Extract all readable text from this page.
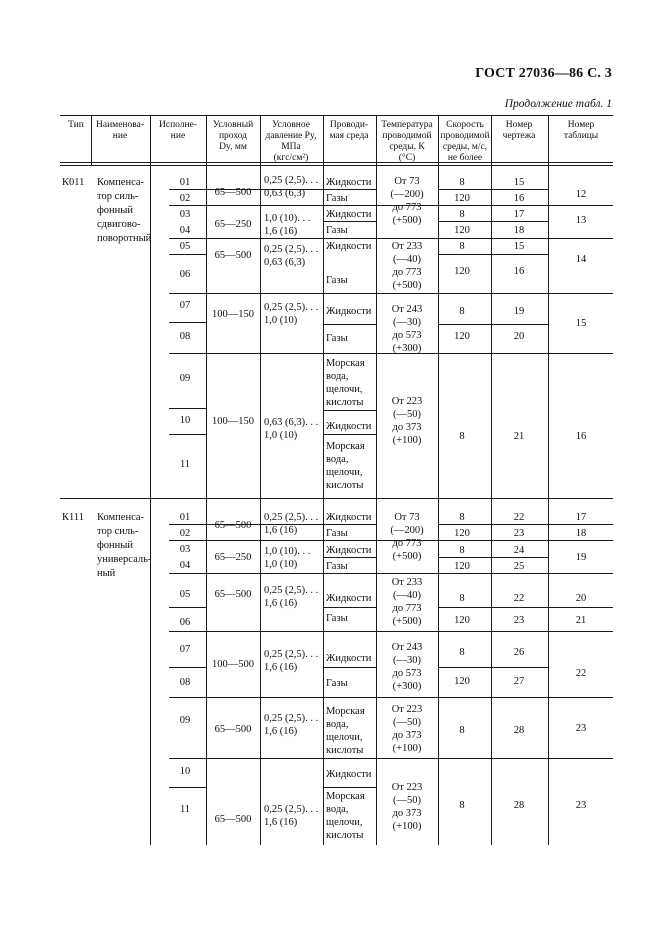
ГОСТ 27036—86 С. 3
Продолжение табл. 1
Тип Наименова-
ние
Исполне-
ние
Условный
проход
Dy, мм
Условное
давление Py,
МПа
(кгс/см²)
Проводи-
мая среда
Температура
проводимой
среды, К
(°С)
Скорость
проводимой
среды, м/с,
не более
Номер
чертежа
Номер
таблицы
К011 Компенса-
тор силь-
фонный
сдвигово-
поворотный
01
02
03
04
05
06
07
08
09
10
11
65—500
65—250
65—500
100—150
100—150
0,25 (2,5). . .
0,63 (6,3)
1,0 (10). . .
1,6 (16)
0,25 (2,5). . .
0,63 (6,3)
0,25 (2,5). . .
1,0 (10)
0,63 (6,3). . .
1,0 (10)
Жидкости
Газы
Жидкости
Газы
Жидкости
Газы
Жидкости
Газы
Морская
вода,
щелочи,
кислоты
Жидкости
Морская
вода,
щелочи,
кислоты
От 73
(—200)
до 773
(+500)
От 233
(—40)
до 773
(+500)
От 243
(—30)
до 573
(+300)
От 223
(—50)
до 373
(+100)
8
120
8
120
8
120
8
120
8
15
16
17
18
15
16
19
20
21
12
13
14
15
16
К111 Компенса-
тор силь-
фонный
универсаль-
ный
01
02
03
04
05
06
07
08
09
10
11
65—500
65—250
65—500
100—500
65—500
65—500
0,25 (2,5). . .
1,6 (16)
1,0 (10). . .
1,0 (10)
0,25 (2,5). . .
1,6 (16)
0,25 (2,5). . .
1,6 (16)
0,25 (2,5). . .
1,6 (16)
0,25 (2,5). . .
1,6 (16)
Жидкости
Газы
Жидкости
Газы
Жидкости
Газы
Жидкости
Газы
Морская
вода,
щелочи,
кислоты
Жидкости
Морская
вода,
щелочи,
кислоты
От 73
(—200)
до 773
(+500)
От 233
(—40)
до 773
(+500)
От 243
(—30)
до 573
(+300)
От 223
(—50)
до 373
(+100)
От 223
(—50)
до 373
(+100)
8
120
8
120
8
120
8
120
8
8
22
23
24
25
22
23
26
27
28
28
17
18
19
20
21
22
23
23
